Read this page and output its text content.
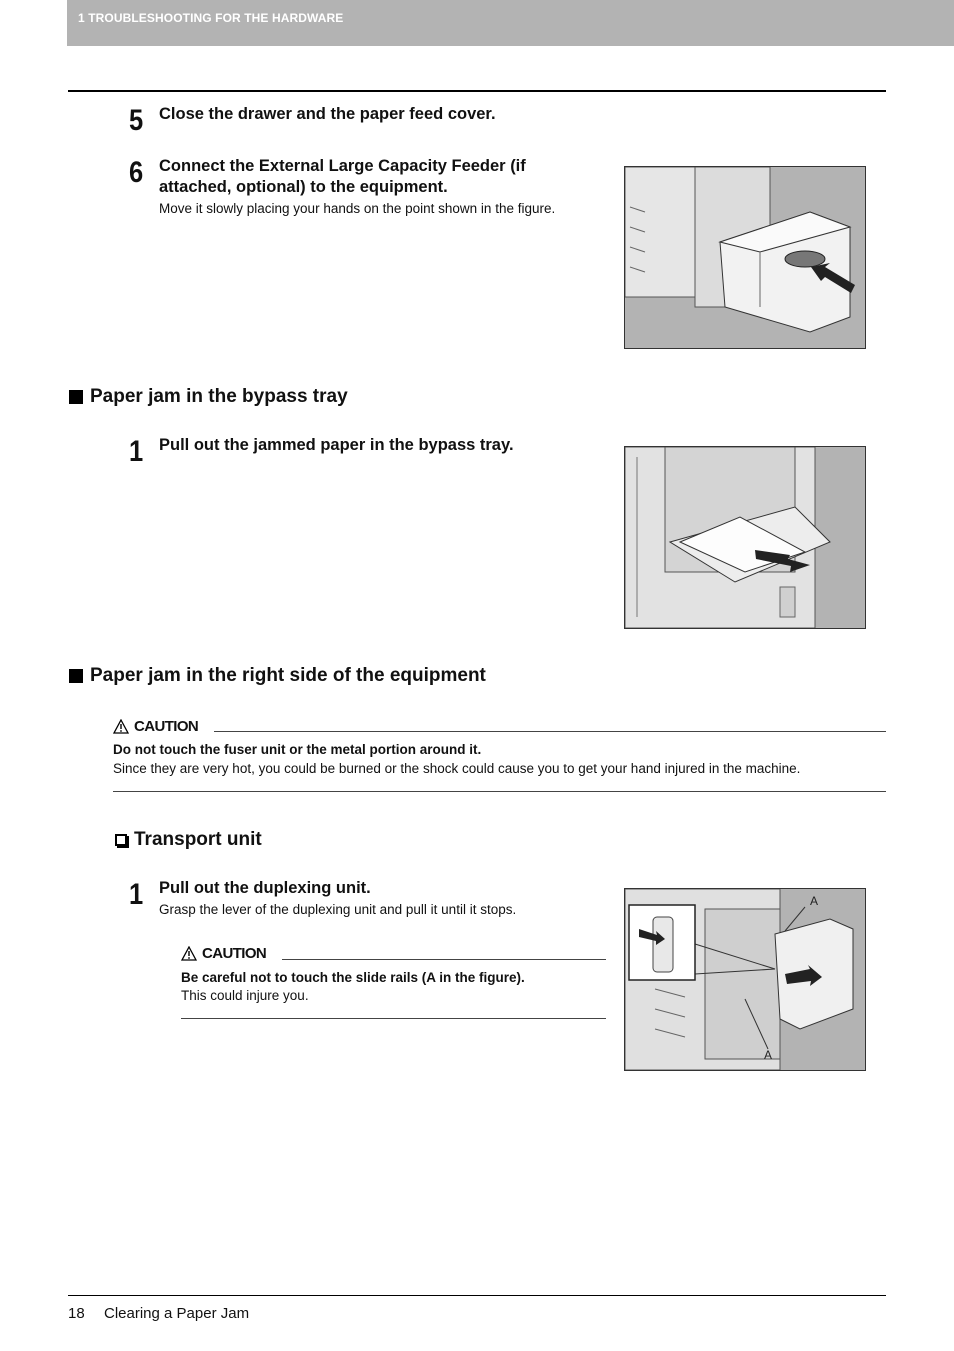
1 TROUBLESHOOTING FOR THE HARDWARE
5 Close the drawer and the paper feed cover.
6 Connect the External Large Capacity Feeder (if
attached, optional) to the equipment.
Move it slowly placing your hands on the point shown in the figure.
Paper jam in the bypass tray
1 Pull out the jammed paper in the bypass tray.
Paper jam in the right side of the equipment
CAUTION
Do not touch the fuser unit or the metal portion around it.
Since they are very hot, you could be burned or the shock could cause you to get your hand injured in the machine.
Transport unit
1 Pull out the duplexing unit.
Grasp the lever of the duplexing unit and pull it until it stops.
CAUTION
Be careful not to touch the slide rails (A in the figure).
This could injure you.
A
A
18 Clearing a Paper Jam
